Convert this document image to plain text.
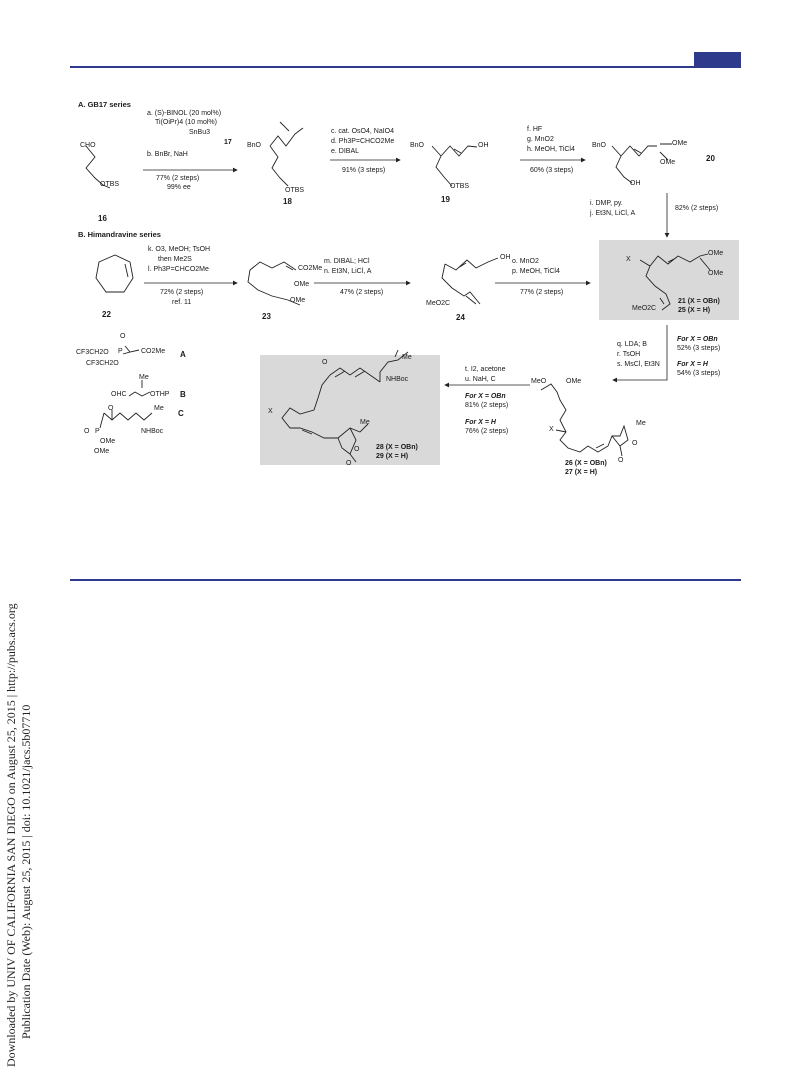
Downloaded by UNIV OF CALIFORNIA SAN DIEGO on August 25, 2015 | http://pubs.acs.org Publication Date (Web): August 25, 2015 | doi: 10.1021/jacs.5b07710
A. GB17 series
B. Himandravine series
CHO
OTBS
16
a. (S)-BINOL (20 mol%)
Ti(OiPr)4 (10 mol%)
SnBu3
17
b. BnBr, NaH
77% (2 steps)
99% ee
BnO
OTBS
18
c. cat. OsO4, NaIO4
d. Ph3P=CHCO2Me
e. DIBAL
91% (3 steps)
BnO	OH
OTBS
19
f. HF
g. MnO2
h. MeOH, TiCl4
60% (3 steps)
BnO	OMe
OMe
OH
20
i. DMP, py.
j. Et3N, LiCl, A
82% (2 steps)
22
k. O3, MeOH; TsOH
then Me2S
l. Ph3P=CHCO2Me
72% (2 steps)
ref. 11
CO2Me
OMe
OMe
23
m. DIBAL; HCl
n. Et3N, LiCl, A
47% (2 steps)
OH
MeO2C
24
o. MnO2
p. MeOH, TiCl4
77% (2 steps)
X
OMe
OMe
MeO2C
21 (X = OBn)
25 (X = H)
q. LDA; B
r. TsOH
s. MsCl, Et3N
For X = OBn
52% (3 steps)
For X = H
54% (3 steps)
MeO	OMe
X
Me
O
O
26 (X = OBn)
27 (X = H)
t. I2, acetone
u. NaH, C
For X = OBn
81% (2 steps)
For X = H
76% (2 steps)
O
Me
NHBoc
X
Me
O
O
28 (X = OBn)
29 (X = H)
O
P	CO2Me
CF3CH2O
CF3CH2O
A
Me
OHC	OTHP B
O	Me
C
O P	NHBoc
OMe
OMe
